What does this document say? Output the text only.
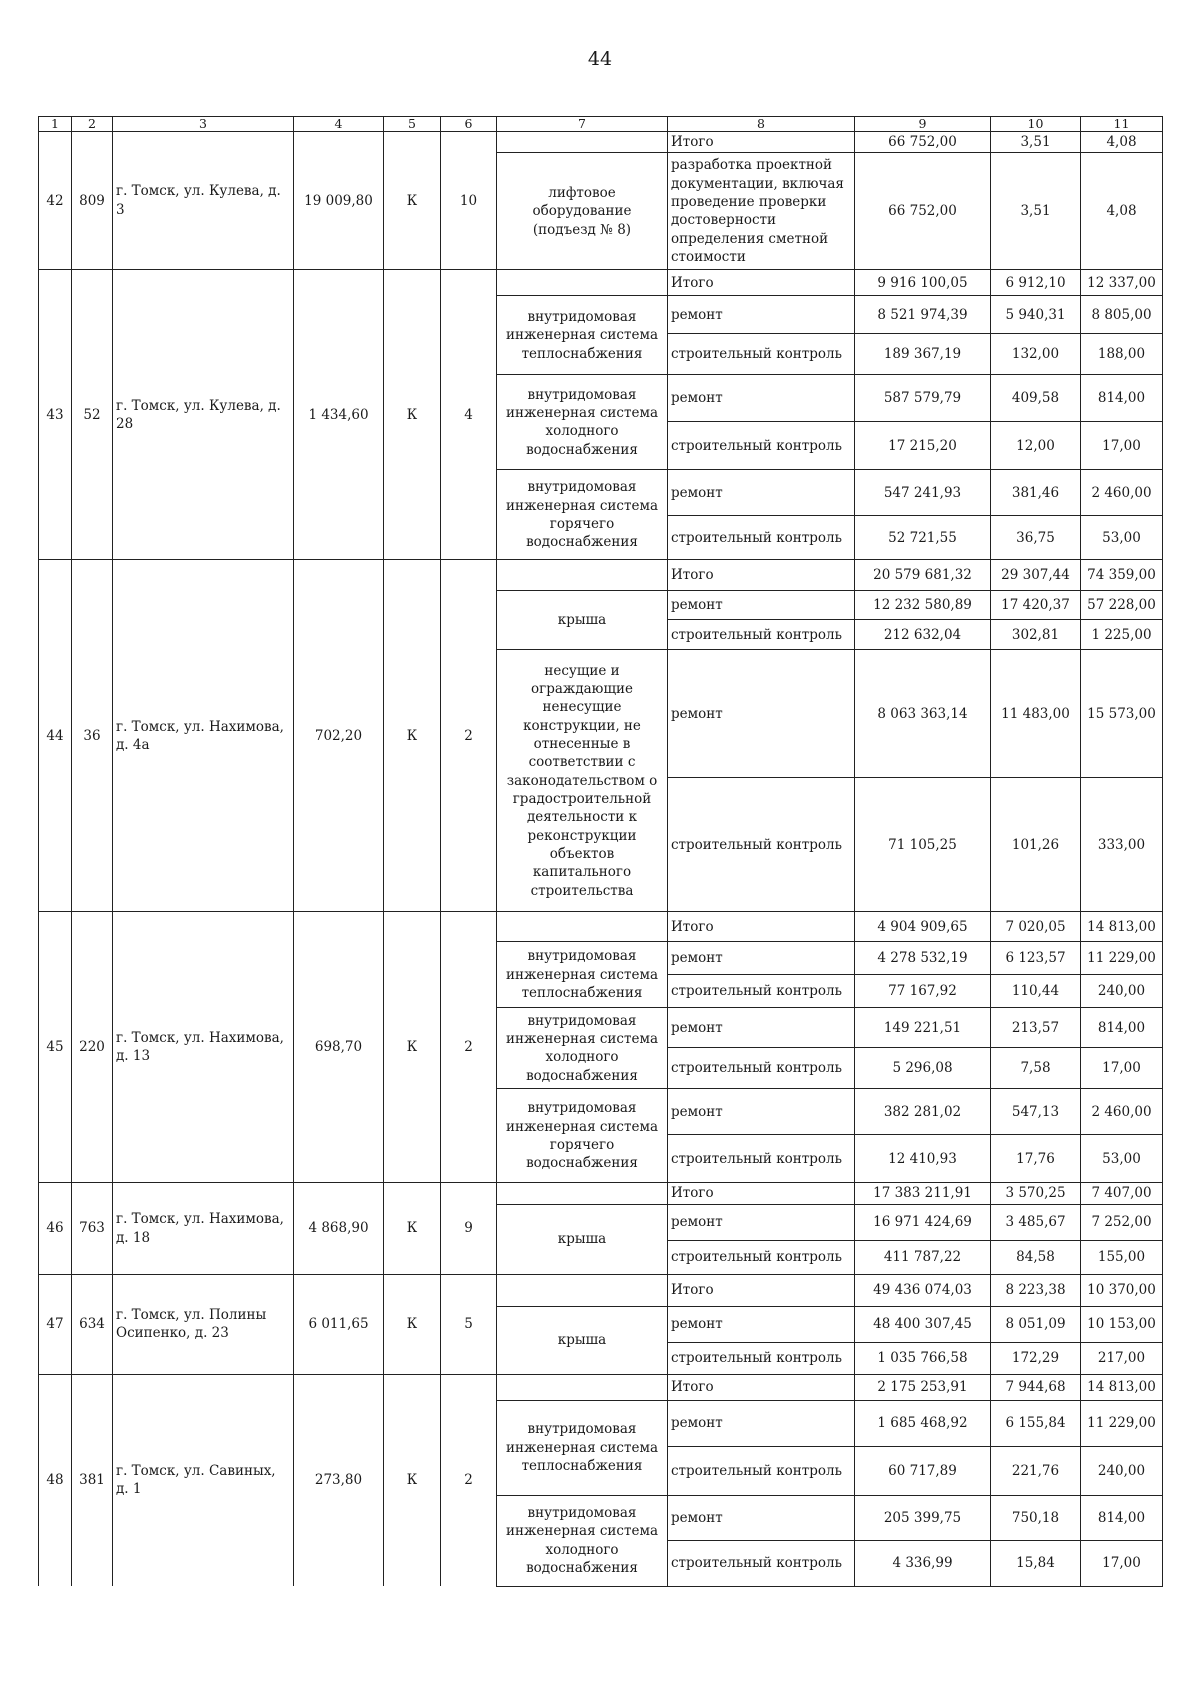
44
1	2	3	4	5	6	7	8	9	10	11
42	809	г. Томск, ул. Кулева, д. 3	19 009,80	К	10		Итого	66 752,00	3,51	4,08
						лифтовое оборудование (подъезд № 8)	разработка проектной документации, включая проведение проверки достоверности определения сметной стоимости	66 752,00	3,51	4,08
43	52	г. Томск, ул. Кулева, д. 28	1 434,60	К	4		Итого	9 916 100,05	6 912,10	12 337,00
						внутридомовая инженерная система теплоснабжения	ремонт	8 521 974,39	5 940,31	8 805,00
							строительный контроль	189 367,19	132,00	188,00
						внутридомовая инженерная система холодного водоснабжения	ремонт	587 579,79	409,58	814,00
							строительный контроль	17 215,20	12,00	17,00
						внутридомовая инженерная система горячего водоснабжения	ремонт	547 241,93	381,46	2 460,00
							строительный контроль	52 721,55	36,75	53,00
44	36	г. Томск, ул. Нахимова, д. 4а	702,20	К	2		Итого	20 579 681,32	29 307,44	74 359,00
						крыша	ремонт	12 232 580,89	17 420,37	57 228,00
							строительный контроль	212 632,04	302,81	1 225,00
						несущие и ограждающие ненесущие конструкции, не отнесенные в соответствии с законодательством о градостроительной деятельности к реконструкции объектов капитального строительства	ремонт	8 063 363,14	11 483,00	15 573,00
							строительный контроль	71 105,25	101,26	333,00
45	220	г. Томск, ул. Нахимова, д. 13	698,70	К	2		Итого	4 904 909,65	7 020,05	14 813,00
						внутридомовая инженерная система теплоснабжения	ремонт	4 278 532,19	6 123,57	11 229,00
							строительный контроль	77 167,92	110,44	240,00
						внутридомовая инженерная система холодного водоснабжения	ремонт	149 221,51	213,57	814,00
							строительный контроль	5 296,08	7,58	17,00
						внутридомовая инженерная система горячего водоснабжения	ремонт	382 281,02	547,13	2 460,00
							строительный контроль	12 410,93	17,76	53,00
46	763	г. Томск, ул. Нахимова, д. 18	4 868,90	К	9		Итого	17 383 211,91	3 570,25	7 407,00
						крыша	ремонт	16 971 424,69	3 485,67	7 252,00
							строительный контроль	411 787,22	84,58	155,00
47	634	г. Томск, ул. Полины Осипенко, д. 23	6 011,65	К	5		Итого	49 436 074,03	8 223,38	10 370,00
						крыша	ремонт	48 400 307,45	8 051,09	10 153,00
							строительный контроль	1 035 766,58	172,29	217,00
48	381	г. Томск, ул. Савиных, д. 1	273,80	К	2		Итого	2 175 253,91	7 944,68	14 813,00
						внутридомовая инженерная система теплоснабжения	ремонт	1 685 468,92	6 155,84	11 229,00
							строительный контроль	60 717,89	221,76	240,00
						внутридомовая инженерная система холодного водоснабжения	ремонт	205 399,75	750,18	814,00
							строительный контроль	4 336,99	15,84	17,00
